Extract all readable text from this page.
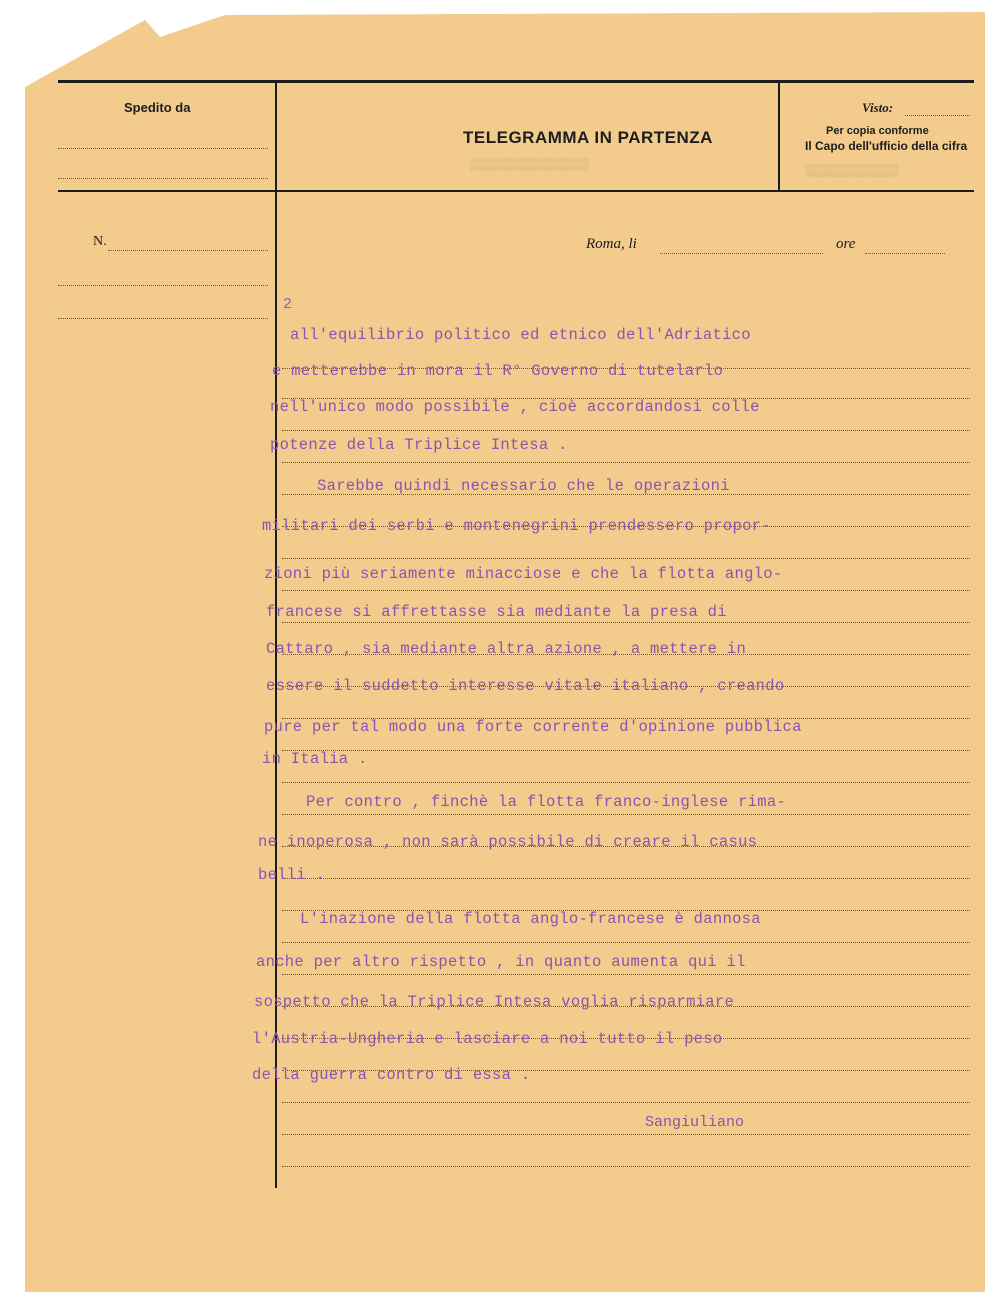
▒▒▒▒▒▒▒▒▒▒▒▒▒▒	▒▒▒▒▒▒▒▒▒▒▒
Spedito da	Visto:
TELEGRAMMA IN PARTENZA	Per copia conforme
Il Capo dell'ufficio della cifra
N.	Roma, li	ore
2
all'equilibrio politico ed etnico dell'Adriatico
e metterebbe in mora il R° Governo di tutelarlo
nell'unico modo possibile , cioè accordandosi colle
potenze della Triplice Intesa .
Sarebbe quindi necessario che le operazioni
militari dei serbi e montenegrini prendessero propor-
zioni più seriamente minacciose e che la flotta anglo-
francese si affrettasse sia mediante la presa di
Cattaro , sia mediante altra azione , a mettere in
essere il suddetto interesse vitale italiano , creando
pure per tal modo una forte corrente d'opinione pubblica
in Italia .
Per contro , finchè la flotta franco-inglese rima-
ne inoperosa , non sarà possibile di creare il casus
belli .
L'inazione della flotta anglo-francese è dannosa
anche per altro rispetto , in quanto aumenta qui il
sospetto che la Triplice Intesa voglia risparmiare
l'Austria-Ungheria e lasciare a noi tutto il peso
della guerra contro di essa .
Sangiuliano
